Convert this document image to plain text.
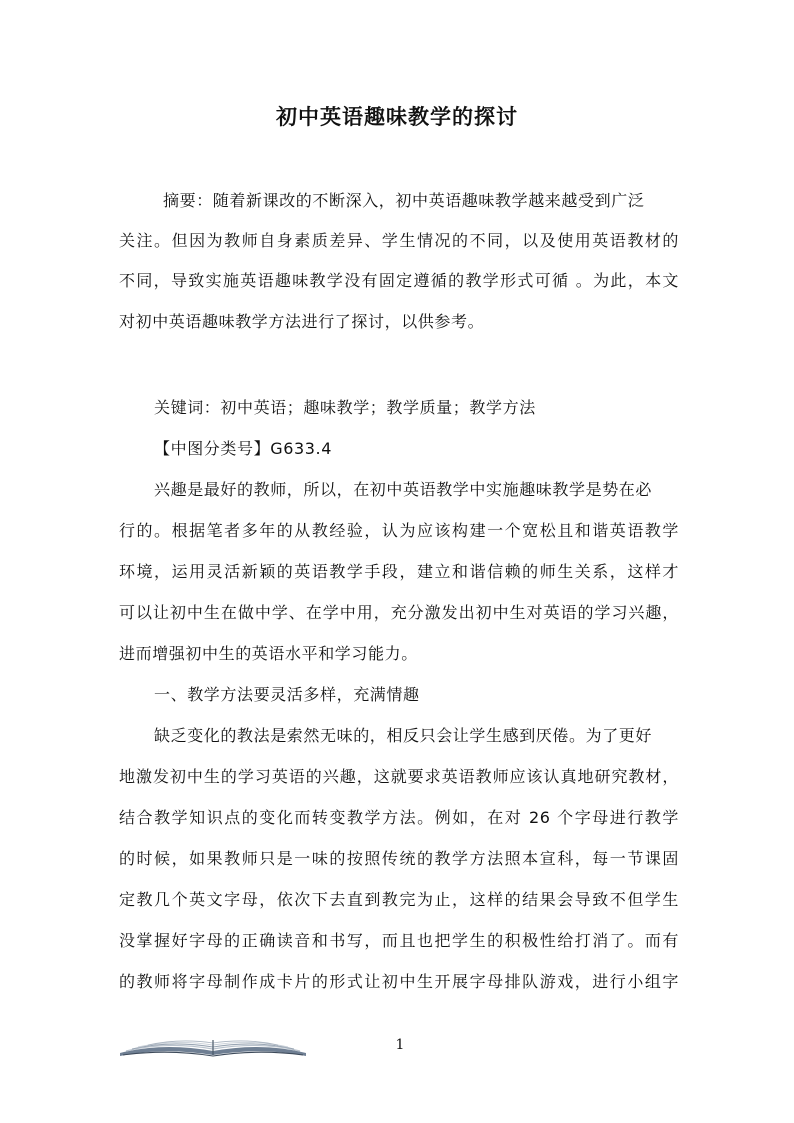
初中英语趣味教学的探讨
摘要：随着新课改的不断深入，初中英语趣味教学越来越受到广泛
关注。但因为教师自身素质差异、学生情况的不同，以及使用英语教材的
不同，导致实施英语趣味教学没有固定遵循的教学形式可循 。为此，本文
对初中英语趣味教学方法进行了探讨，以供参考。
关键词：初中英语；趣味教学；教学质量；教学方法
【中图分类号】G633.4
兴趣是最好的教师，所以，在初中英语教学中实施趣味教学是势在必
行的。根据笔者多年的从教经验，认为应该构建一个宽松且和谐英语教学
环境，运用灵活新颖的英语教学手段，建立和谐信赖的师生关系，这样才
可以让初中生在做中学、在学中用，充分激发出初中生对英语的学习兴趣，
进而增强初中生的英语水平和学习能力。
一、教学方法要灵活多样，充满情趣
缺乏变化的教法是索然无味的，相反只会让学生感到厌倦。为了更好
地激发初中生的学习英语的兴趣，这就要求英语教师应该认真地研究教材，
结合教学知识点的变化而转变教学方法。例如，在对 26 个字母进行教学
的时候，如果教师只是一味的按照传统的教学方法照本宣科，每一节课固
定教几个英文字母，依次下去直到教完为止，这样的结果会导致不但学生
没掌握好字母的正确读音和书写，而且也把学生的积极性给打消了。而有
的教师将字母制作成卡片的形式让初中生开展字母排队游戏，进行小组字
1
